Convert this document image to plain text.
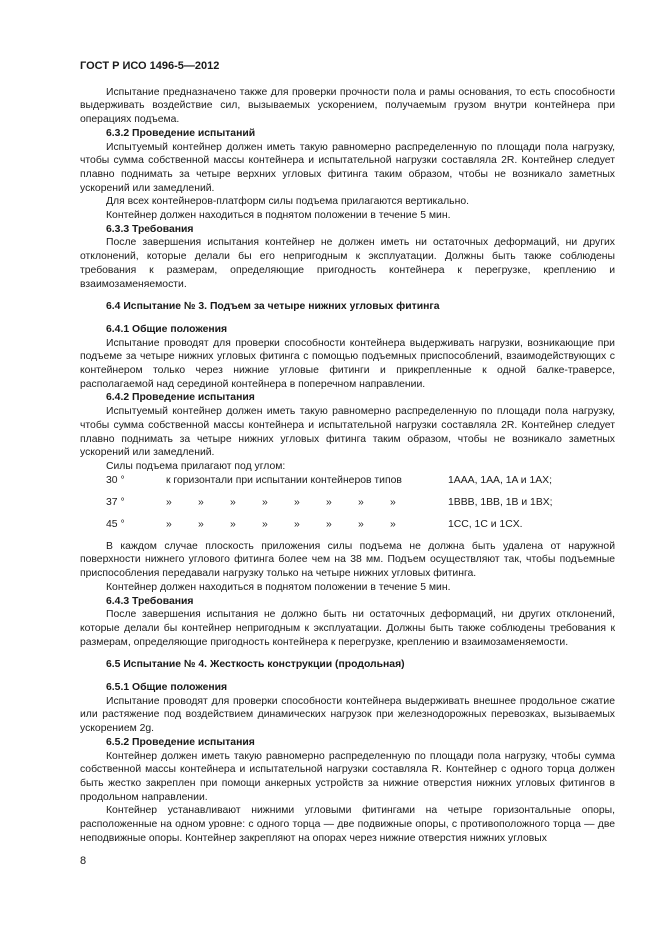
ГОСТ Р ИСО 1496-5—2012

Испытание предназначено также для проверки прочности пола и рамы основания, то есть способности выдерживать воздействие сил, вызываемых ускорением, получаемым грузом внутри контейнера при операциях подъема.

6.3.2 Проведение испытаний

Испытуемый контейнер должен иметь такую равномерно распределенную по площади пола нагрузку, чтобы сумма собственной массы контейнера и испытательной нагрузки составляла 2R. Контейнер следует плавно поднимать за четыре верхних угловых фитинга таким образом, чтобы не возникало заметных ускорений или замедлений.

Для всех контейнеров-платформ силы подъема прилагаются вертикально.

Контейнер должен находиться в поднятом положении в течение 5 мин.

6.3.3 Требования

После завершения испытания контейнер не должен иметь ни остаточных деформаций, ни других отклонений, которые делали бы его непригодным к эксплуатации. Должны быть также соблюдены требования к размерам, определяющие пригодность контейнера к перегрузке, креплению и взаимозаменяемости.

6.4 Испытание № 3. Подъем за четыре нижних угловых фитинга
6.4.1 Общие положения

Испытание проводят для проверки способности контейнера выдерживать нагрузки, возникающие при подъеме за четыре нижних угловых фитинга с помощью подъемных приспособлений, взаимодействующих с контейнером только через нижние угловые фитинги и прикрепленные к одной балке-траверсе, располагаемой над серединой контейнера в поперечном направлении.

6.4.2 Проведение испытания

Испытуемый контейнер должен иметь такую равномерно распределенную по площади пола нагрузку, чтобы сумма собственной массы контейнера и испытательной нагрузки составляла 2R. Контейнер следует плавно поднимать за четыре нижних угловых фитинга таким образом, чтобы не возникало заметных ускорений или замедлений.

Силы подъема прилагают под углом:

30 °	к горизонтали при испытании контейнеров типов	1AAA, 1AA, 1A и 1AX;
37 °	»	»	»	»	»	»	»	»	1BBB, 1BB, 1B и 1BX;
45 °	»	»	»	»	»	»	»	»	1CC, 1C и 1CX.

В каждом случае плоскость приложения силы подъема не должна быть удалена от наружной поверхности нижнего углового фитинга более чем на 38 мм. Подъем осуществляют так, чтобы подъемные приспособления передавали нагрузку только на четыре нижних угловых фитинга.

Контейнер должен находиться в поднятом положении в течение 5 мин.

6.4.3 Требования

После завершения испытания не должно быть ни остаточных деформаций, ни других отклонений, которые делали бы контейнер непригодным к эксплуатации. Должны быть также соблюдены требования к размерам, определяющие пригодность контейнера к перегрузке, креплению и взаимозаменяемости.

6.5 Испытание № 4. Жесткость конструкции (продольная)
6.5.1 Общие положения

Испытание проводят для проверки способности контейнера выдерживать внешнее продольное сжатие или растяжение под воздействием динамических нагрузок при железнодорожных перевозках, вызываемых ускорением 2g.

6.5.2 Проведение испытания

Контейнер должен иметь такую равномерно распределенную по площади пола нагрузку, чтобы сумма собственной массы контейнера и испытательной нагрузки составляла R. Контейнер с одного торца должен быть жестко закреплен при помощи анкерных устройств за нижние отверстия нижних угловых фитингов в продольном направлении.

Контейнер устанавливают нижними угловыми фитингами на четыре горизонтальные опоры, расположенные на одном уровне: с одного торца — две подвижные опоры, с противоположного торца — две неподвижные опоры. Контейнер закрепляют на опорах через нижние отверстия нижних угловых

8
